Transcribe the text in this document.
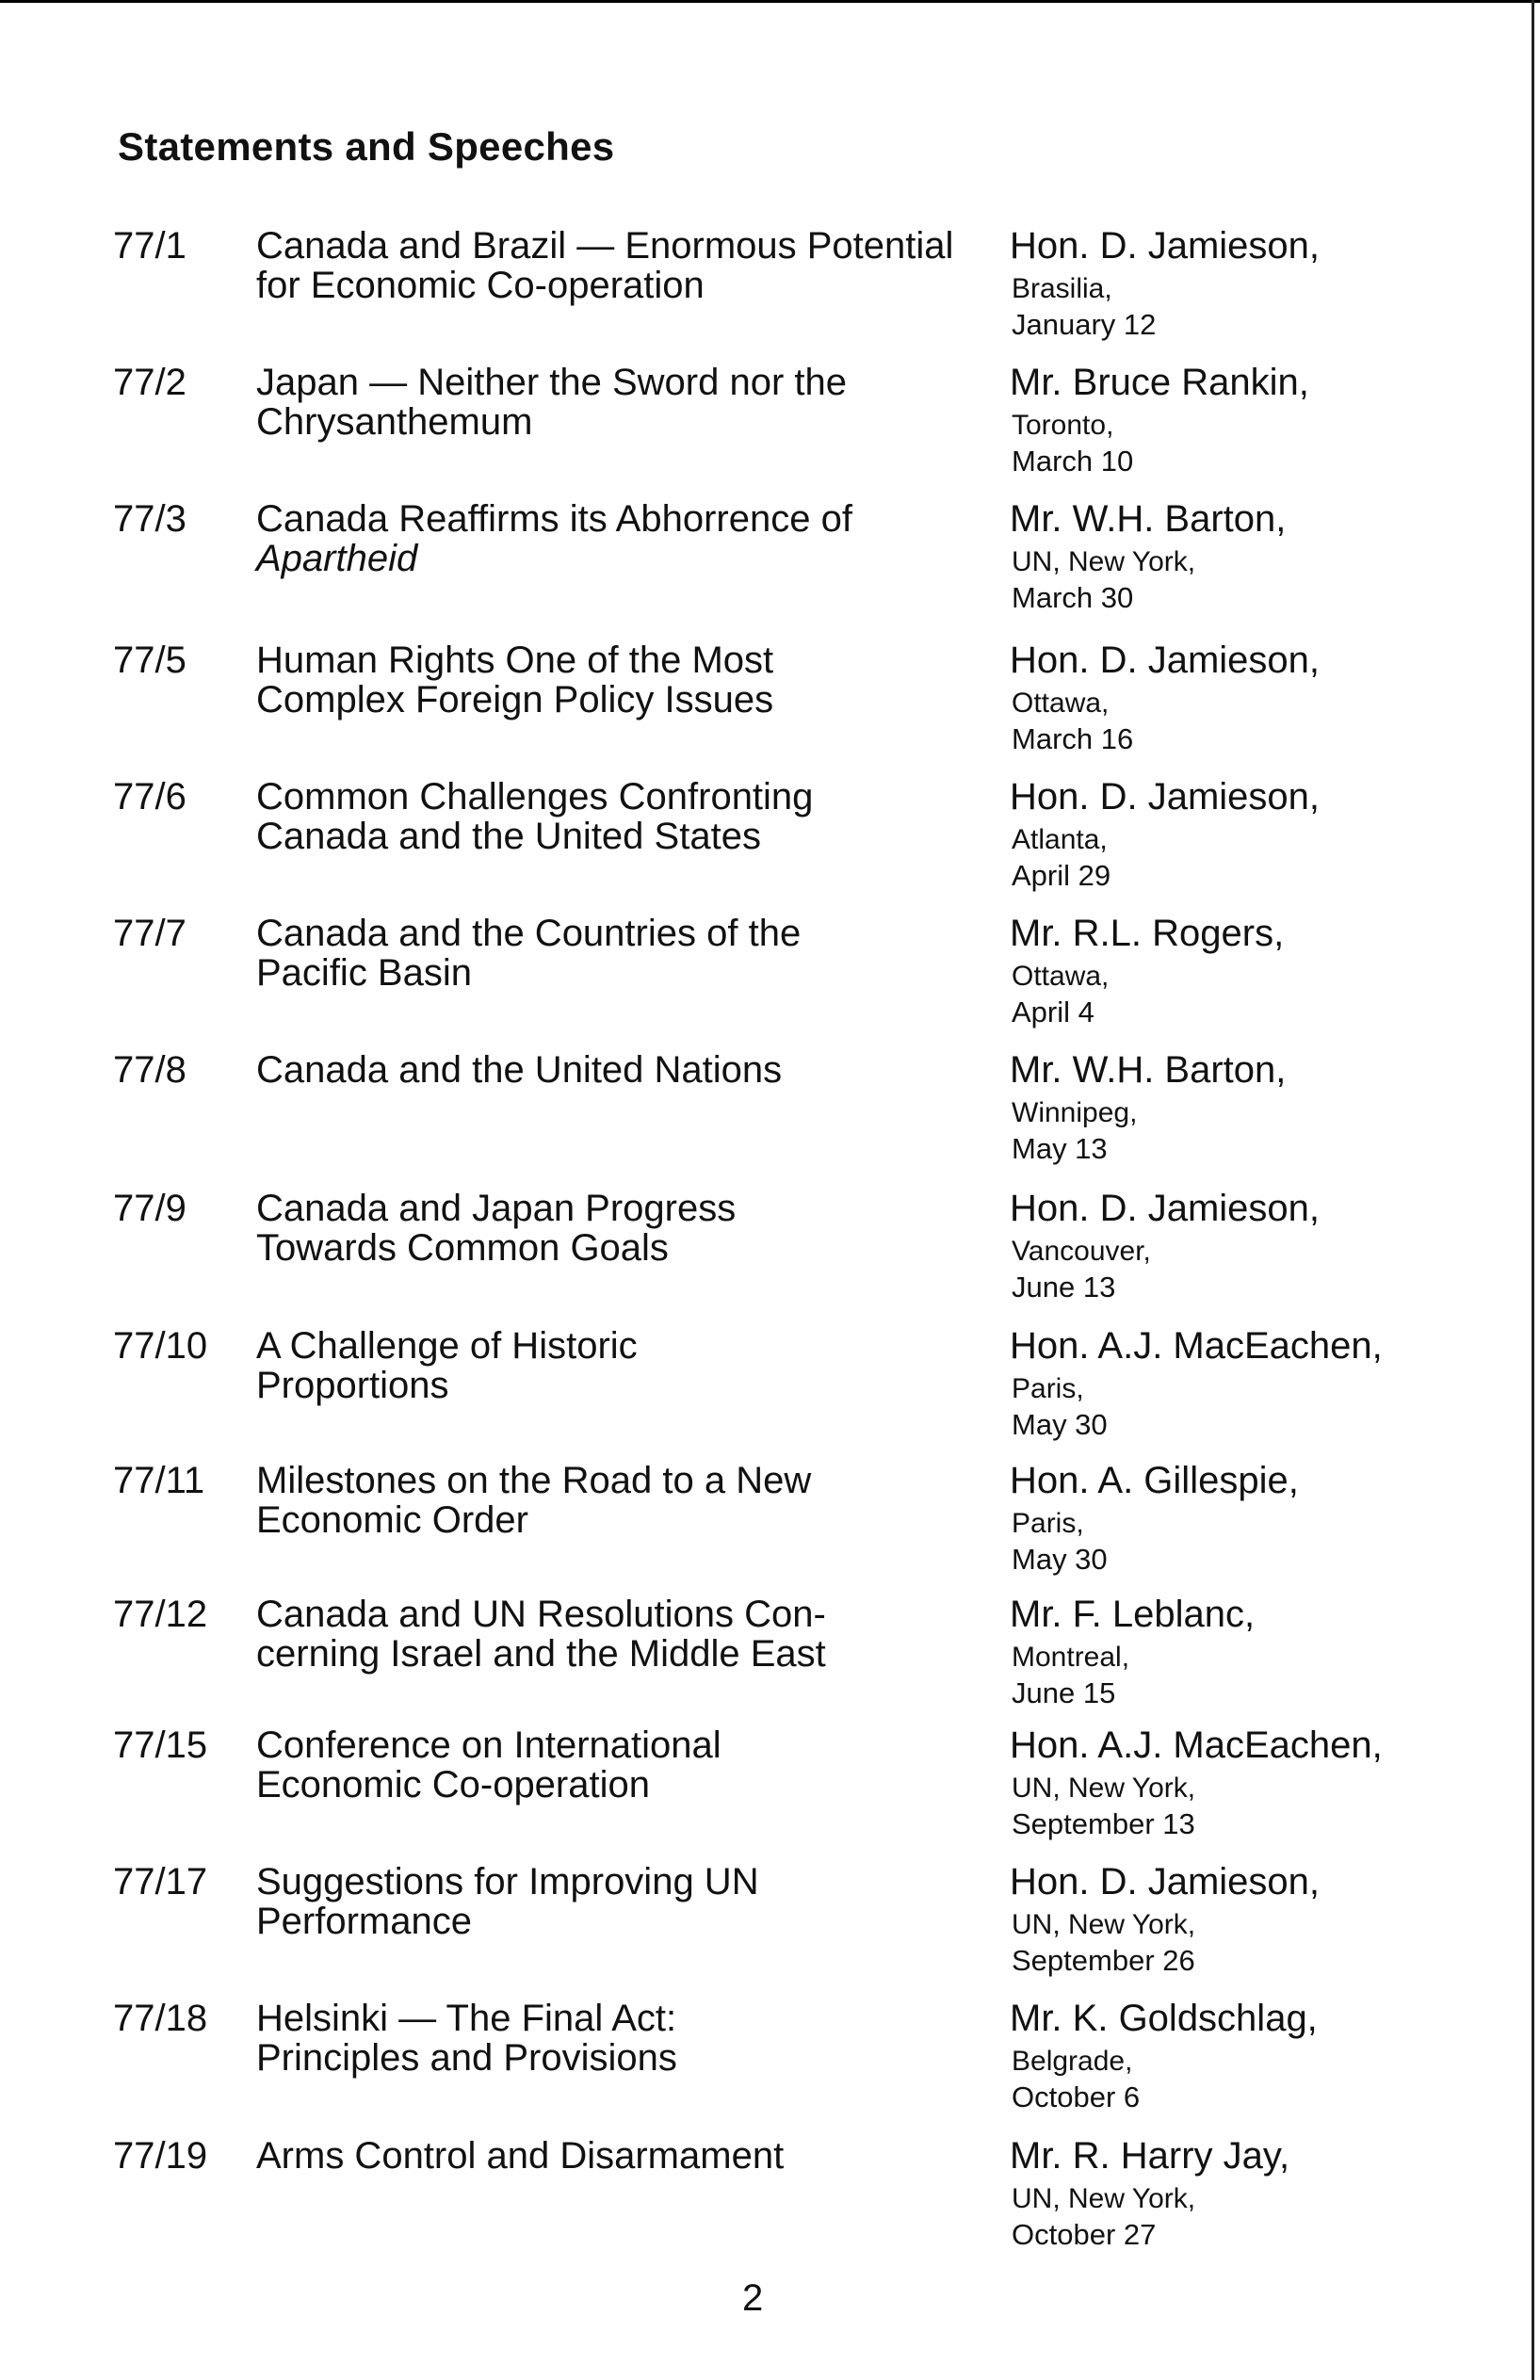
Statements and Speeches
77/1 Canada and Brazil — Enormous Potential for Economic Co-operation
Hon. D. Jamieson,
Brasilia,
January 12
77/2 Japan — Neither the Sword nor the Chrysanthemum
Mr. Bruce Rankin,
Toronto,
March 10
77/3 Canada Reaffirms its Abhorrence of Apartheid
Mr. W.H. Barton,
UN, New York,
March 30
77/5 Human Rights One of the Most Complex Foreign Policy Issues
Hon. D. Jamieson,
Ottawa,
March 16
77/6 Common Challenges Confronting Canada and the United States
Hon. D. Jamieson,
Atlanta,
April 29
77/7 Canada and the Countries of the Pacific Basin
Mr. R.L. Rogers,
Ottawa,
April 4
77/8 Canada and the United Nations	Mr. W.H. Barton,
Winnipeg,
May 13
77/9 Canada and Japan Progress Towards Common Goals
Hon. D. Jamieson,
Vancouver,
June 13
77/10 A Challenge of Historic Proportions
Hon. A.J. MacEachen,
Paris,
May 30
77/11 Milestones on the Road to a New Economic Order
Hon. A. Gillespie,
Paris,
May 30
77/12 Canada and UN Resolutions Con-cerning Israel and the Middle East
Mr. F. Leblanc,
Montreal,
June 15
77/15 Conference on International Economic Co-operation
Hon. A.J. MacEachen,
UN, New York,
September 13
77/17 Suggestions for Improving UN Performance
Hon. D. Jamieson,
UN, New York,
September 26
77/18 Helsinki — The Final Act: Principles and Provisions
Mr. K. Goldschlag,
Belgrade,
October 6
77/19 Arms Control and Disarmament	Mr. R. Harry Jay,
UN, New York,
October 27
2
